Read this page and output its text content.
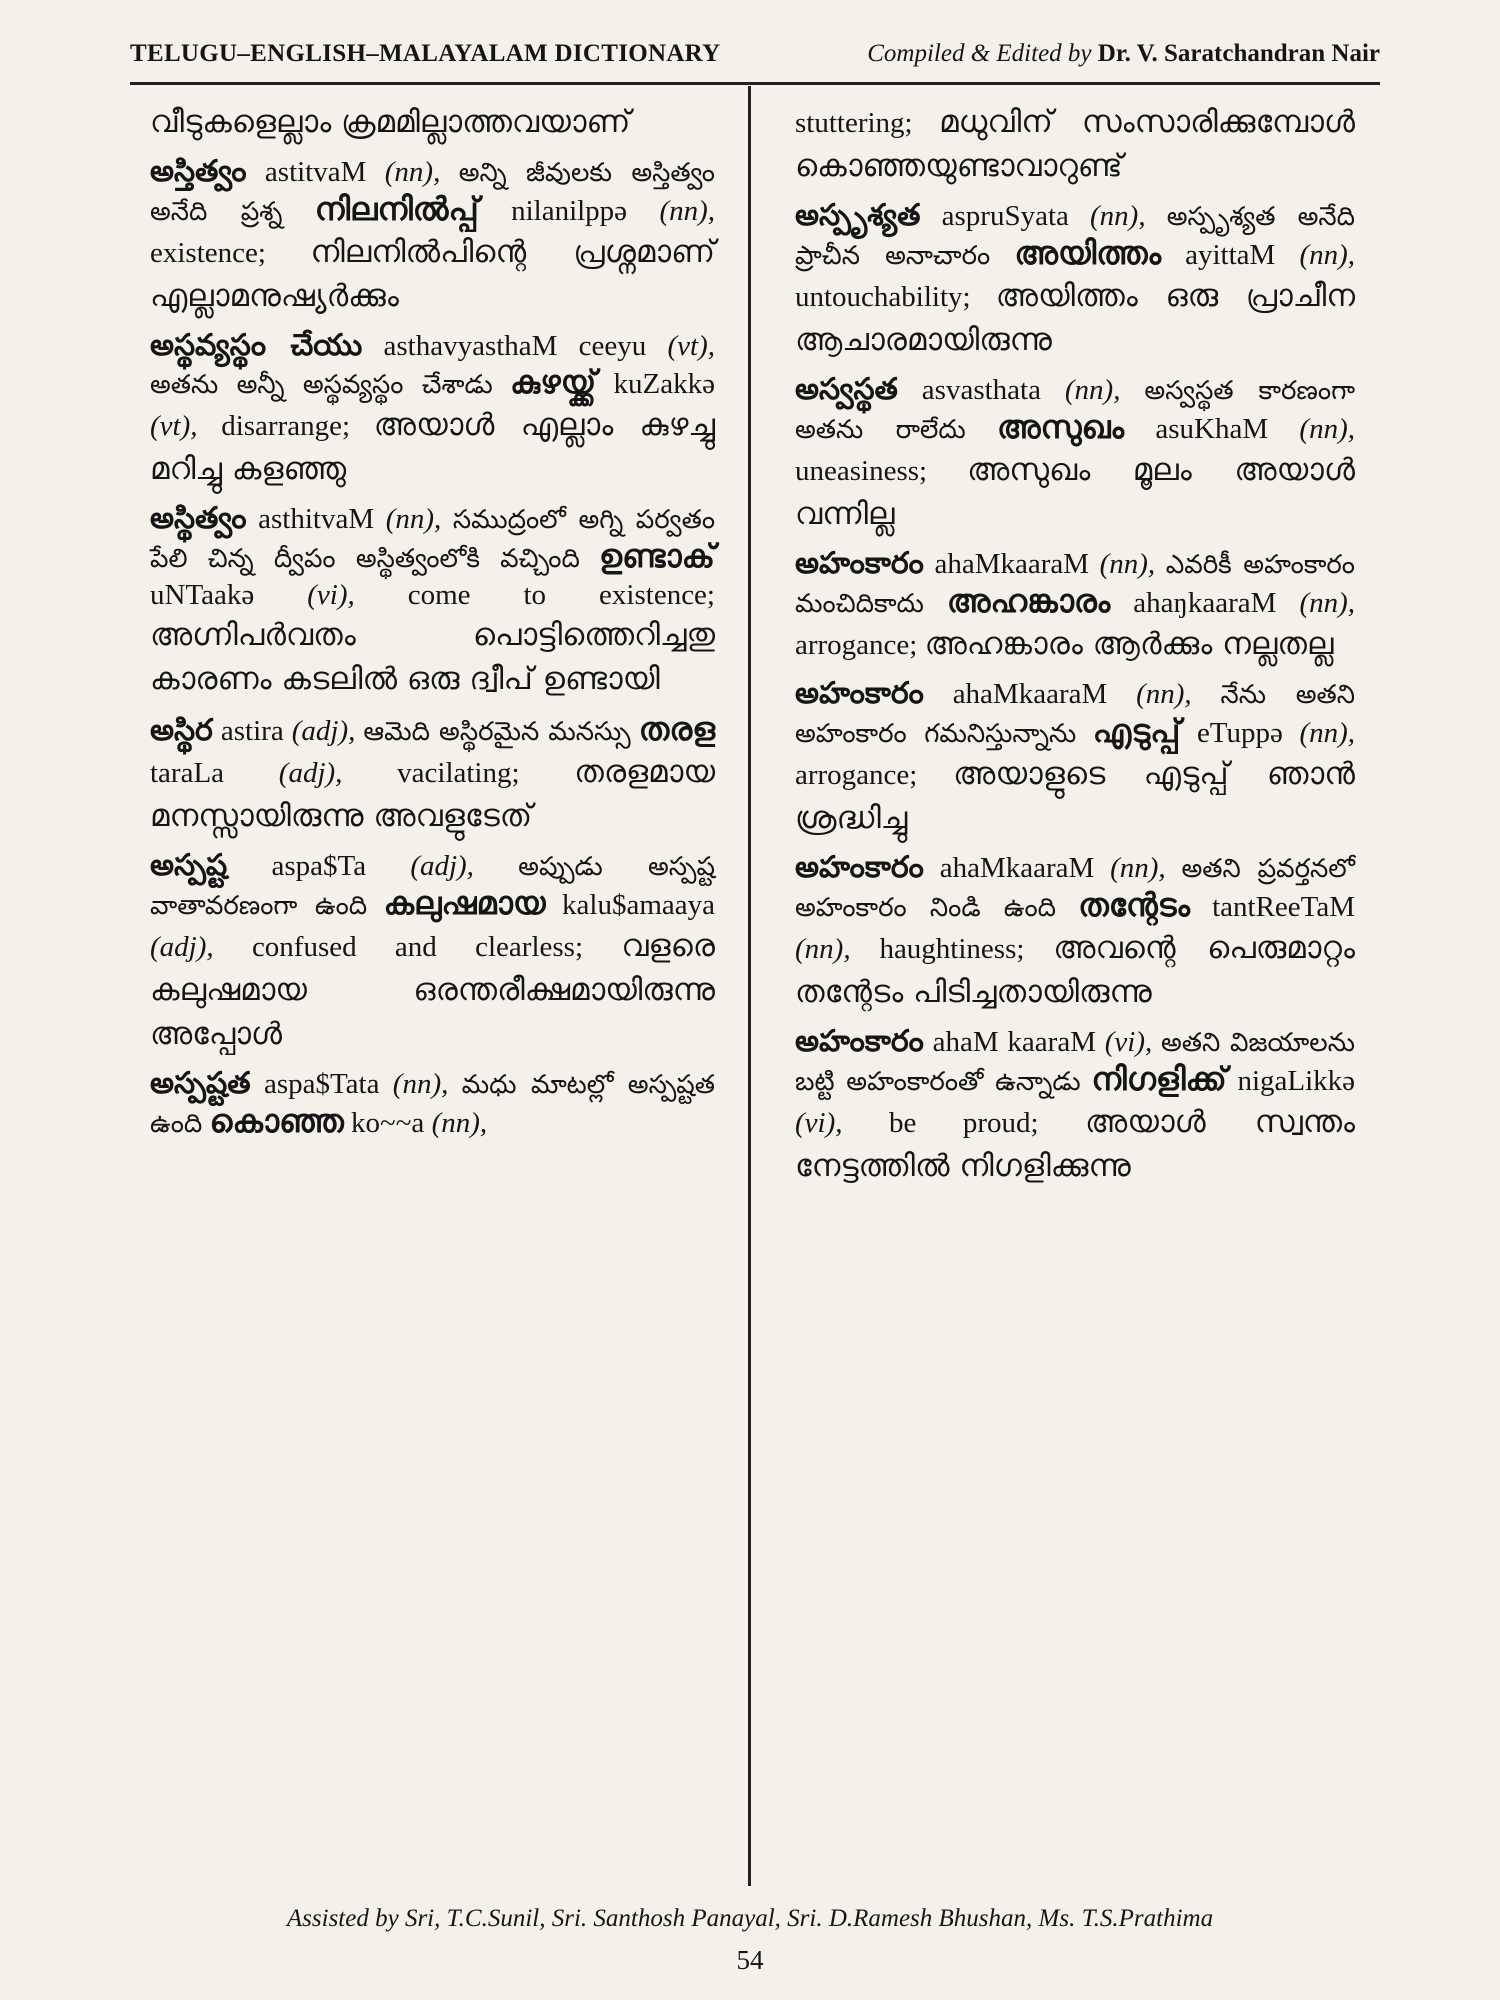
TELUGU–ENGLISH–MALAYALAM DICTIONARY	Compiled & Edited by Dr. V. Saratchandran Nair
വീടുകളെല്ലാം ക്രമമില്ലാത്തവയാണ്
అస్తిత్వం astitvaM (nn), అన్ని జీవులకు అస్తిత్వం అనేది ప్రశ్న നിലനിൽപ്പ് nilanilppə (nn), existence; നിലനിൽപിന്റെ പ്രശ്നമാണ് എല്ലാമനുഷ്യർക്കും
అస్థవ్యస్థం చేయు asthavyasthaM ceeyu (vt), అతను అన్నీ అస్థవ్యస్థం చేశాడు കുഴയ്ക്ക് kuZakkə (vt), disarrange; അയാൾ എല്ലാം കുഴച്ചു മറിച്ചു കളഞ്ഞു
అస్థిత్వం asthitvaM (nn), సముద్రంలో అగ్ని పర్వతం పేలి చిన్న ద్వీపం అస్థిత్వంలోకి వచ్చింది ഉണ്ടാക് uNTaakə (vi), come to existence; അഗ്നിപർവതം പൊട്ടിത്തെറിച്ചതു കാരണം കടലിൽ ഒരു ദ്വീപ് ഉണ്ടായി
అస్థిర astira (adj), ఆమెది అస్థిరమైన మనస్సు തരള taraLa (adj), vacilating; തരളമായ മനസ്സായിരുന്നു അവളുടേത്
అస్పష్ట aspa$Ta (adj), అప్పుడు అస్పష్ట వాతావరణంగా ఉంది കലുഷമായ kalu$amaaya (adj), confused and clearless; വളരെ കലുഷമായ ഒരന്തരീക്ഷമായിരുന്നു അപ്പോൾ
అస్పష్టత aspa$Tata (nn), మధు మాటల్లో అస్పష్టత ఉంది കൊഞ്ഞ ko~~a (nn),
stuttering; മധുവിന് സംസാരിക്കുമ്പോൾ കൊഞ്ഞയുണ്ടാവാറുണ്ട്
అస్పృశ్యత aspruSyata (nn), అస్పృశ్యత అనేది ప్రాచీన అనాచారం അയിത്തം ayittaM (nn), untouchability; അയിത്തം ഒരു പ്രാചീന ആചാരമായിരുന്നു
అస్వస్థత asvasthata (nn), అస్వస్థత కారణంగా అతను రాలేదు അസുഖം asuKhaM (nn), uneasiness; അസുഖം മൂലം അയാൾ വന്നില്ല
అహంకారం ahaMkaaraM (nn), ఎవరికీ అహంకారం మంచిదికాదు അഹങ്കാരം ahaŋkaaraM (nn), arrogance; അഹങ്കാരം ആർക്കും നല്ലതല്ല
అహంకారం ahaMkaaraM (nn), నేను అతని అహంకారం గమనిస్తున్నాను എടുപ്പ് eTuppə (nn), arrogance; അയാളുടെ എടുപ്പ് ഞാൻ ശ്രദ്ധിച്ചു
అహంకారం ahaMkaaraM (nn), అతని ప్రవర్తనలో అహంకారం నిండి ఉంది തന്റേടം tantReeTaM (nn), haughtiness; അവന്റെ പെരുമാറ്റം തന്റേടം പിടിച്ചതായിരുന്നു
అహంకారం ahaM kaaraM (vi), అతని విజయాలను బట్టి అహంకారంతో ఉన్నాడు നിഗളിക്ക് nigaLikkə (vi), be proud; അയാൾ സ്വന്തം നേട്ടത്തിൽ നിഗളിക്കുന്നു
Assisted by Sri, T.C.Sunil, Sri. Santhosh Panayal, Sri. D.Ramesh Bhushan, Ms. T.S.Prathima
54
